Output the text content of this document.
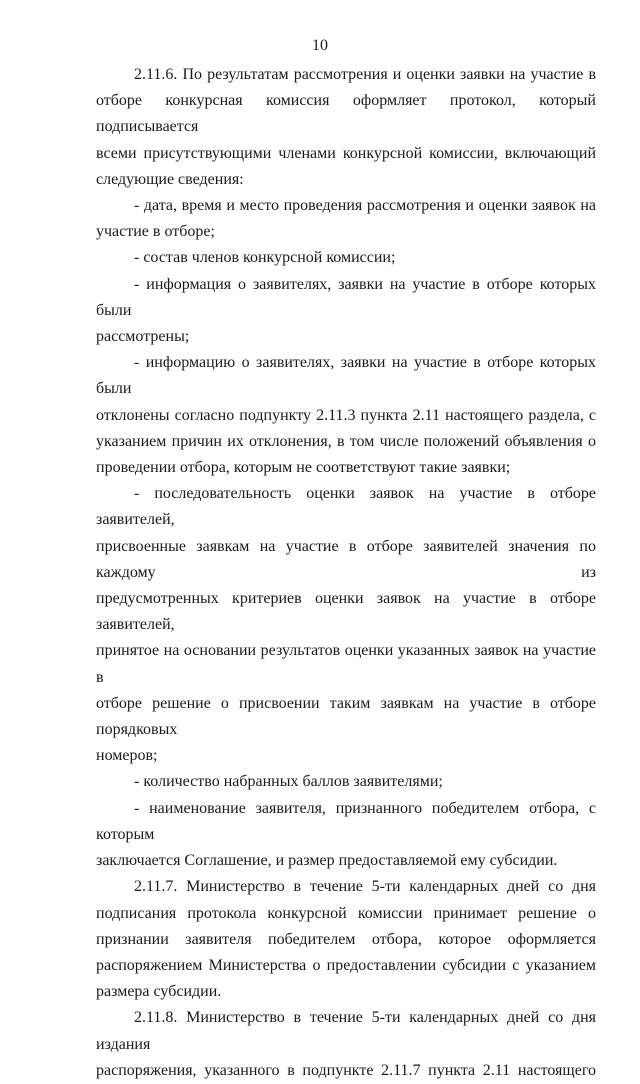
10

2.11.6. По результатам рассмотрения и оценки заявки на участие в

отборе конкурсная комиссия оформляет протокол, который подписывается

всеми присутствующими членами конкурсной комиссии, включающий

следующие сведения:

- дата, время и место проведения рассмотрения и оценки заявок на

участие в отборе;

- состав членов конкурсной комиссии;

- информация о заявителях, заявки на участие в отборе которых были

рассмотрены;

- информацию о заявителях, заявки на участие в отборе которых были

отклонены согласно подпункту 2.11.3 пункта 2.11 настоящего раздела, с

указанием причин их отклонения, в том числе положений объявления о

проведении отбора, которым не соответствуют такие заявки;

- последовательность оценки заявок на участие в отборе заявителей,

присвоенные заявкам на участие в отборе заявителей значения по каждому из

предусмотренных критериев оценки заявок на участие в отборе заявителей,

принятое на основании результатов оценки указанных заявок на участие в

отборе решение о присвоении таким заявкам на участие в отборе порядковых

номеров;

- количество набранных баллов заявителями;

- наименование заявителя, признанного победителем отбора, с которым

заключается Соглашение, и размер предоставляемой ему субсидии.

2.11.7. Министерство в течение 5-ти календарных дней со дня

подписания протокола конкурсной комиссии принимает решение о

признании заявителя победителем отбора, которое оформляется

распоряжением Министерства о предоставлении субсидии с указанием

размера субсидии.

2.11.8. Министерство в течение 5-ти календарных дней со дня издания

распоряжения, указанного в подпункте 2.11.7 пункта 2.11 настоящего
